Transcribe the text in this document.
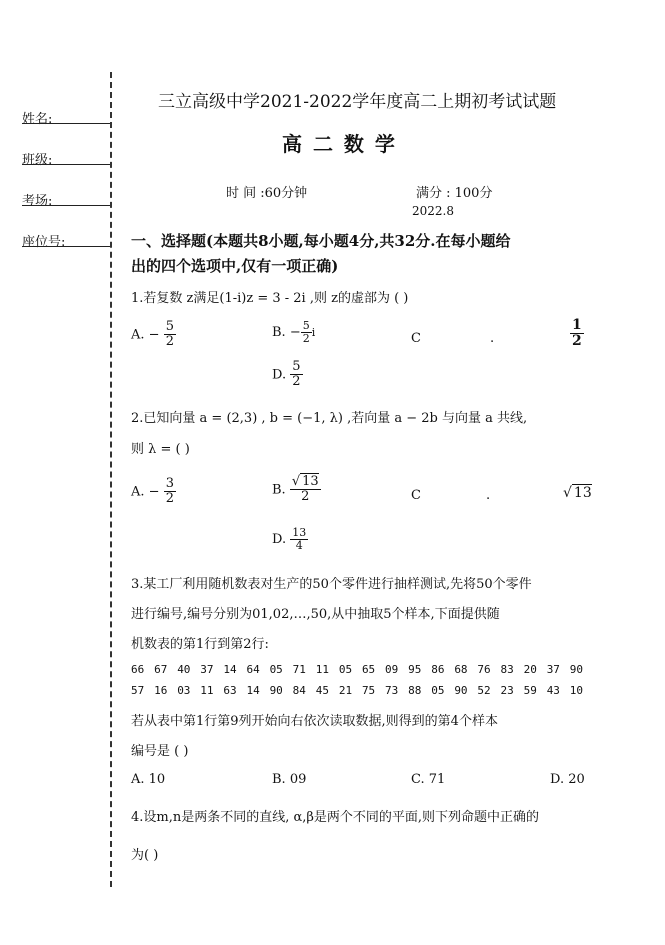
姓名:
班级:
考场:
座位号:
三立高级中学2021-2022学年度高二上期初考试试题
高 二 数 学
时 间 :60分钟	满分 : 100分
2022.8
一、选择题(本题共8小题,每小题4分,共32分.在每小题给
出的四个选项中,仅有一项正确)
1.若复数 z满足(1-i)z = 3 - 2i ,则 z的虚部为 ( )
A. − $\frac{5}{2}$	B. − $\frac{5}{2}$ i	C	.	$\frac{1}{2}$
D. $\frac{5}{2}$
2.已知向量 a = (2,3) , b = (−1, λ) ,若向量 a − 2b 与向量 a 共线,
则 λ = ( )
A. − $\frac{3}{2}$	B. $\frac{√ 13}{2}$	C	.	√ 13
D. $\frac{13}{4}$
3.某工厂利用随机数表对生产的50个零件进行抽样测试,先将50个零件
进行编号,编号分别为01,02,…,50,从中抽取5个样本,下面提供随
机数表的第1行到第2行:
66 67 40 37 14 64 05 71 11 05 65 09 95 86 68 76 83 20 37 90
57 16 03 11 63 14 90 84 45 21 75 73 88 05 90 52 23 59 43 10
若从表中第1行第9列开始向右依次读取数据,则得到的第4个样本
编号是 ( )
A. 10	B. 09	C. 71	D. 20
4.设m,n是两条不同的直线, α,β是两个不同的平面,则下列命题中正确的
为( )
